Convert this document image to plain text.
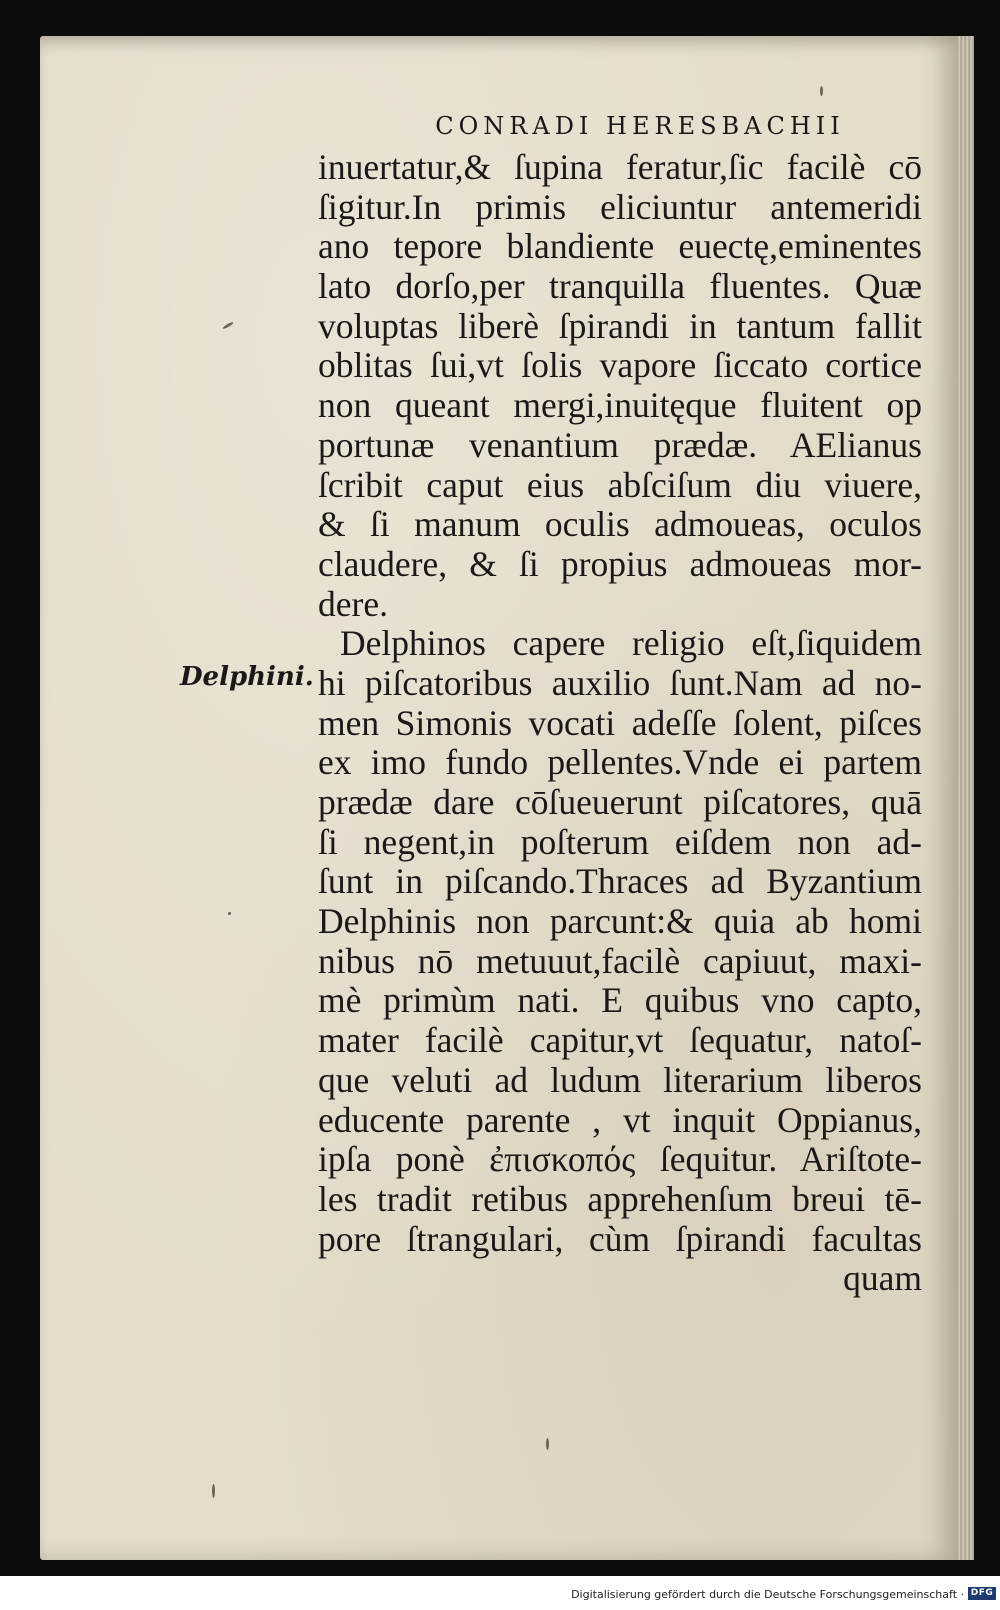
CONRADI HERESBACHII
Delphini.
inuertatur,& ſupina feratur,ſic facilè cō
ſigitur.In primis eliciuntur antemeridi
ano tepore blandiente euectę,eminentes
lato dorſo,per tranquilla fluentes. Quæ
voluptas liberè ſpirandi in tantum fallit
oblitas ſui,vt ſolis vapore ſiccato cortice
non queant mergi,inuitęque fluitent op
portunæ venantium prædæ. AElianus
ſcribit caput eius abſciſum diu viuere,
& ſi manum oculis admoueas, oculos
claudere, & ſi propius admoueas mor-
dere.
Delphinos capere religio eſt,ſiquidem
hi piſcatoribus auxilio ſunt.Nam ad no-
men Simonis vocati adeſſe ſolent, piſces
ex imo fundo pellentes.Vnde ei partem
prædæ dare cōſueuerunt piſcatores, quā
ſi negent,in poſterum eiſdem non ad-
ſunt in piſcando.Thraces ad Byzantium
Delphinis non parcunt:& quia ab homi
nibus nō metuuut,facilè capiuut, maxi-
mè primùm nati. E quibus vno capto,
mater facilè capitur,vt ſequatur, natoſ-
que veluti ad ludum literarium liberos
educente parente , vt inquit Oppianus,
ipſa ponè ἐπισκοπός ſequitur. Ariſtote-
les tradit retibus apprehenſum breui tē-
pore ſtrangulari, cùm ſpirandi facultas
quam
Digitalisierung gefördert durch die Deutsche Forschungsgemeinschaft · DFG
